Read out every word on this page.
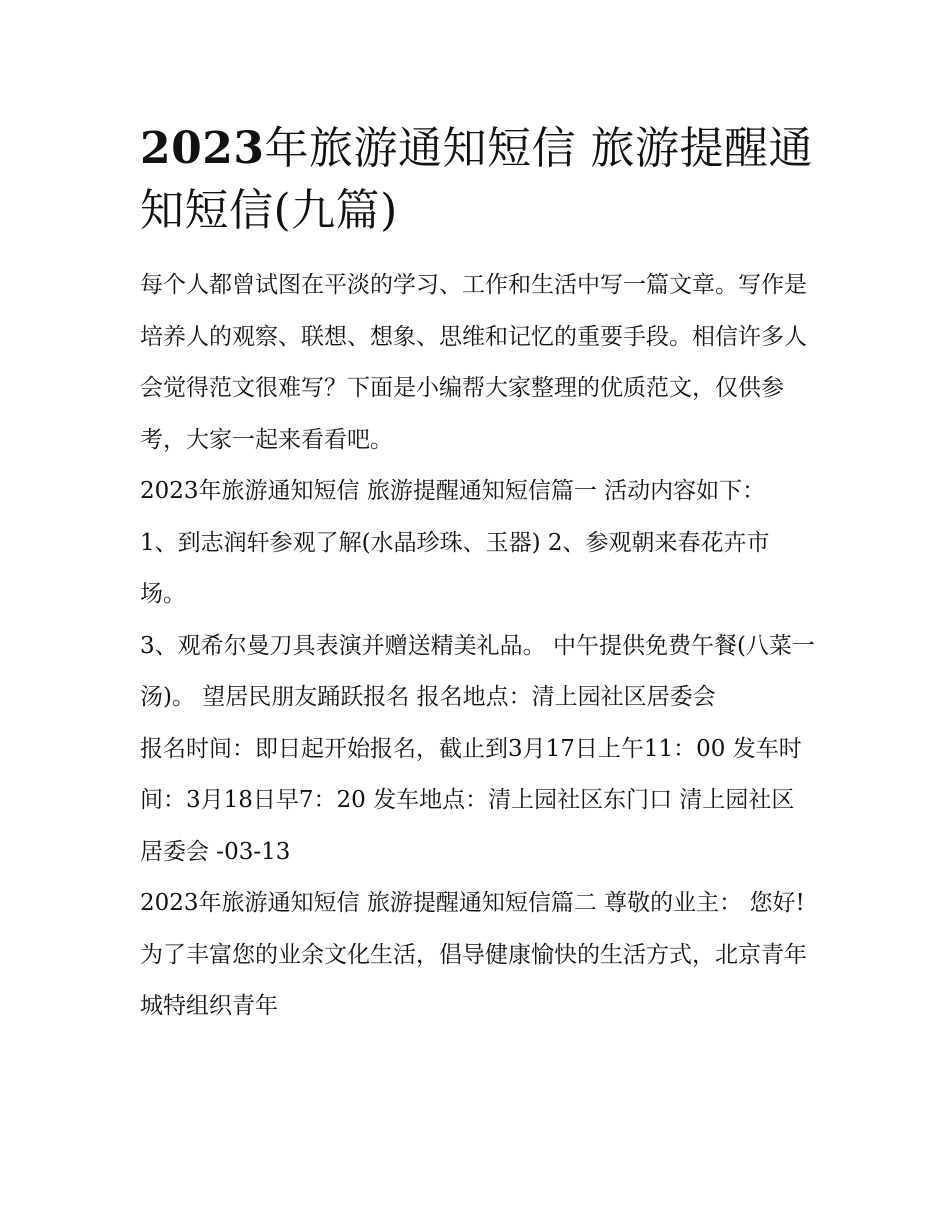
2023年旅游通知短信 旅游提醒通知短信(九篇)

每个人都曾试图在平淡的学习、工作和生活中写一篇文章。写作是培养人的观察、联想、想象、思维和记忆的重要手段。相信许多人会觉得范文很难写？下面是小编帮大家整理的优质范文，仅供参考，大家一起来看看吧。

2023年旅游通知短信 旅游提醒通知短信篇一 活动内容如下：

1、到志润轩参观了解(水晶珍珠、玉器) 2、参观朝来春花卉市场。

3、观希尔曼刀具表演并赠送精美礼品。 中午提供免费午餐(八菜一汤)。 望居民朋友踊跃报名 报名地点：清上园社区居委会

报名时间：即日起开始报名，截止到3月17日上午11：00 发车时间：3月18日早7：20 发车地点：清上园社区东门口 清上园社区居委会 -03-13

2023年旅游通知短信 旅游提醒通知短信篇二 尊敬的业主： 您好!为了丰富您的业余文化生活，倡导健康愉快的生活方式，北京青年城特组织青年
